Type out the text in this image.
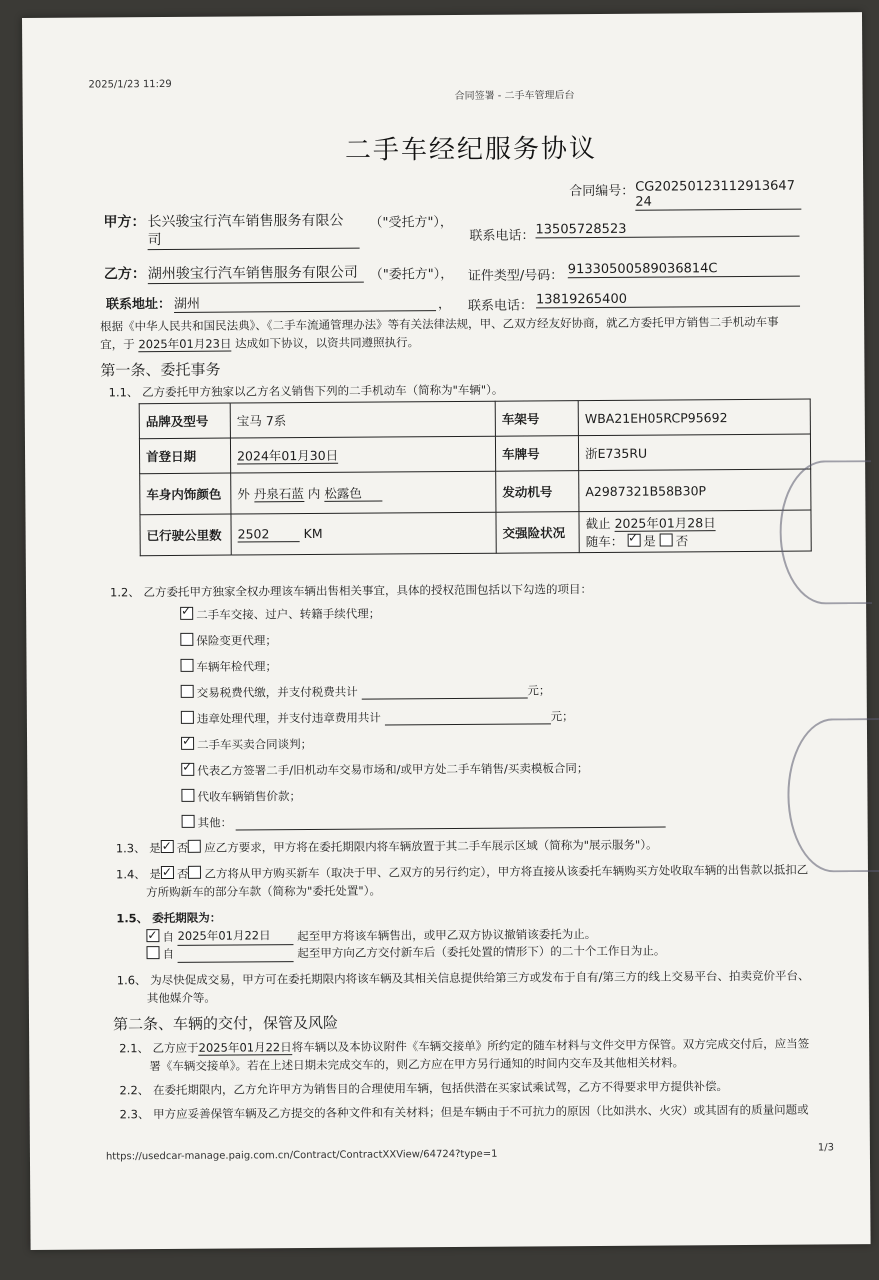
2025/1/23 11:29
合同签署 - 二手车管理后台
二手车经纪服务协议
合同编号： CG20250123112913647​24
甲方： 长兴骏宝行汽车销售服务有限公
司
（"受托方"），
联系电话： 13505728523
乙方： 湖州骏宝行汽车销售服务有限公司 （"委托方"）， 证件类型/号码： 91330500589036814C
联系地址： 湖州	， 联系电话： 13819265400
根据《中华人民共和国民法典》、《二手车流通管理办法》等有关法律法规，甲、乙双方经友好协商，就乙方委托甲方销售二手机动车事
宜，于 2025年01月23日 达成如下协议，以资共同遵照执行。
第一条、委托事务
1.1、 乙方委托甲方独家以乙方名义销售下列的二手机动车（简称为"车辆"）。
品牌及型号	宝马 7系	车架号	WBA21EH05RCP95692
首登日期	2024年01月30日	车牌号	浙E735RU
车身内饰颜色	外 丹泉石蓝 内 松露色	发动机号	A2987321B58B30P
已行驶公里数	2502 KM	交强险状况	截止 2025年01月28日
随车： ✓ 是 否
1.2、 乙方委托甲方独家全权办理该车辆出售相关事宜，具体的授权范围包括以下勾选的项目：
✓二手车交接、过户、转籍手续代理；
保险变更代理；
车辆年检代理；
交易税费代缴，并支付税费共计	元；
违章处理代理，并支付违章费用共计	元；
✓二手车买卖合同谈判；
✓代表乙方签署二手/旧机动车交易市场和/或甲方处二手车销售/买卖模板合同；
代收车辆销售价款；
其他：
1.3、 是 ✓ 否 应乙方要求，甲方将在委托期限内将车辆放置于其二手车展示区域（简称为"展示服务"）。
1.4、 是 ✓ 否 乙方将从甲方购买新车（取决于甲、乙双方的另行约定），甲方将直接从该委托车辆购买方处收取车辆的出售款以抵扣乙
方所购新车的部分车款（简称为"委托处置"）。
1.5、 委托期限为：
✓自 2025年01月22日 起至甲方将该车辆售出，或甲乙双方协议撤销该委托为止。
自	起至甲方向乙方交付新车后（委托处置的情形下）的二十个工作日为止。
1.6、 为尽快促成交易，甲方可在委托期限内将该车辆及其相关信息提供给第三方或发布于自有/第三方的线上交易平台、拍卖竞价平台、
其他媒介等。
第二条、车辆的交付，保管及风险
2.1、 乙方应于2025年01月22日将车辆以及本协议附件《车辆交接单》所约定的随车材料与文件交甲方保管。双方完成交付后，应当签
署《车辆交接单》。若在上述日期未完成交车的，则乙方应在甲方另行通知的时间内交车及其他相关材料。
2.2、 在委托期限内，乙方允许甲方为销售目的合理使用车辆，包括供潜在买家试乘试驾，乙方不得要求甲方提供补偿。
2.3、 甲方应妥善保管车辆及乙方提交的各种文件和有关材料；但是车辆由于不可抗力的原因（比如洪水、火灾）或其固有的质量问题或
https://usedcar-manage.paig.com.cn/Contract/ContractXXView/64724?type=1
1/3
